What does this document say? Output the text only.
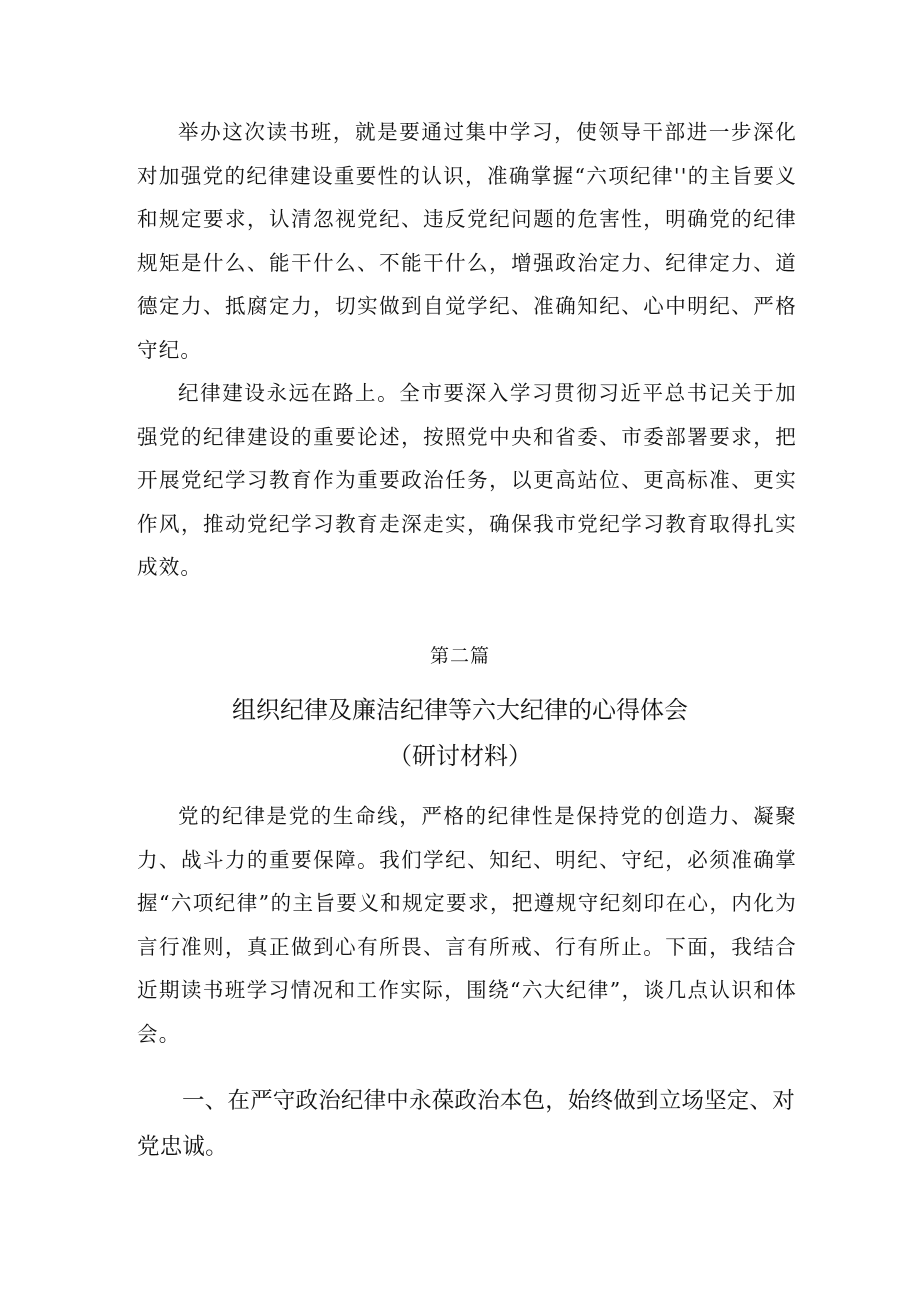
举办这次读书班，就是要通过集中学习，使领导干部进一步深化对加强党的纪律建设重要性的认识，准确掌握“六项纪律''的主旨要义和规定要求，认清忽视党纪、违反党纪问题的危害性，明确党的纪律规矩是什么、能干什么、不能干什么，增强政治定力、纪律定力、道德定力、抵腐定力，切实做到自觉学纪、准确知纪、心中明纪、严格守纪。

纪律建设永远在路上。全市要深入学习贯彻习近平总书记关于加强党的纪律建设的重要论述，按照党中央和省委、市委部署要求，把开展党纪学习教育作为重要政治任务，以更高站位、更高标准、更实作风，推动党纪学习教育走深走实，确保我市党纪学习教育取得扎实成效。

第二篇

组织纪律及廉洁纪律等六大纪律的心得体会

（研讨材料）

党的纪律是党的生命线，严格的纪律性是保持党的创造力、凝聚力、战斗力的重要保障。我们学纪、知纪、明纪、守纪，必须准确掌握“六项纪律”的主旨要义和规定要求，把遵规守纪刻印在心，内化为言行准则，真正做到心有所畏、言有所戒、行有所止。下面，我结合近期读书班学习情况和工作实际，围绕“六大纪律”，谈几点认识和体会。

一、在严守政治纪律中永葆政治本色，始终做到立场坚定、对党忠诚。
